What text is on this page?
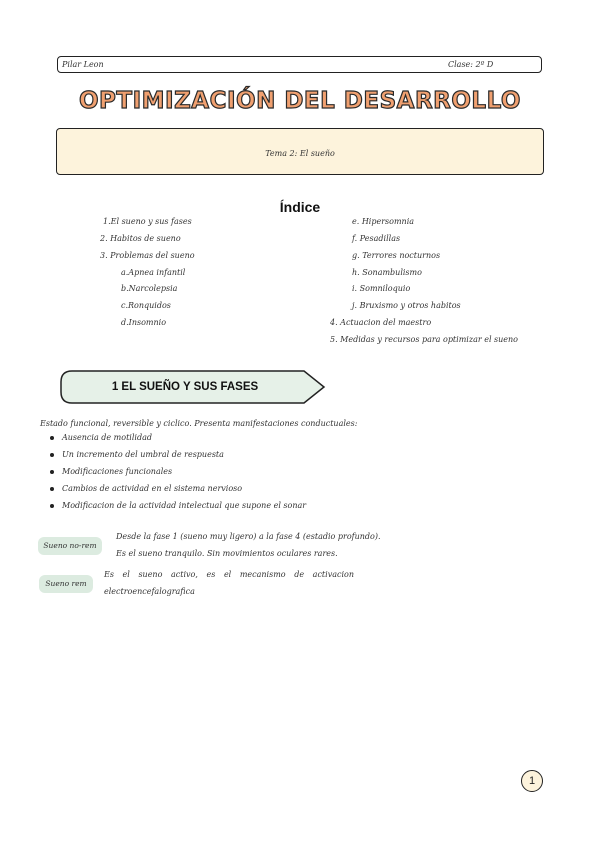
Pilar Leon	Clase: 2º D
OPTIMIZACIÓN DEL DESARROLLO
Tema 2: El sueño
Índice
1.El sueno y sus fases
2. Habitos de sueno
3. Problemas del sueno
a.Apnea infantil
b.Narcolepsia
c.Ronquidos
d.Insomnio
e. Hipersomnia
f. Pesadillas
g. Terrores nocturnos
h. Sonambulismo
i. Somniloquio
j. Bruxismo y otros habitos
4. Actuacion del maestro
5. Medidas y recursos para optimizar el sueno
1 EL SUEÑO Y SUS FASES
Estado funcional, reversible y ciclico. Presenta manifestaciones conductuales:
Ausencia de motilidad
Un incremento del umbral de respuesta
Modificaciones funcionales
Cambios de actividad en el sistema nervioso
Modificacion de la actividad intelectual que supone el sonar
Sueno no-rem
Desde la fase 1 (sueno muy ligero) a la fase 4 (estadio profundo).
Es el sueno tranquilo. Sin movimientos oculares rares.
Sueno rem
Es el sueno activo, es el mecanismo de activacion
electroencefalografica
1
